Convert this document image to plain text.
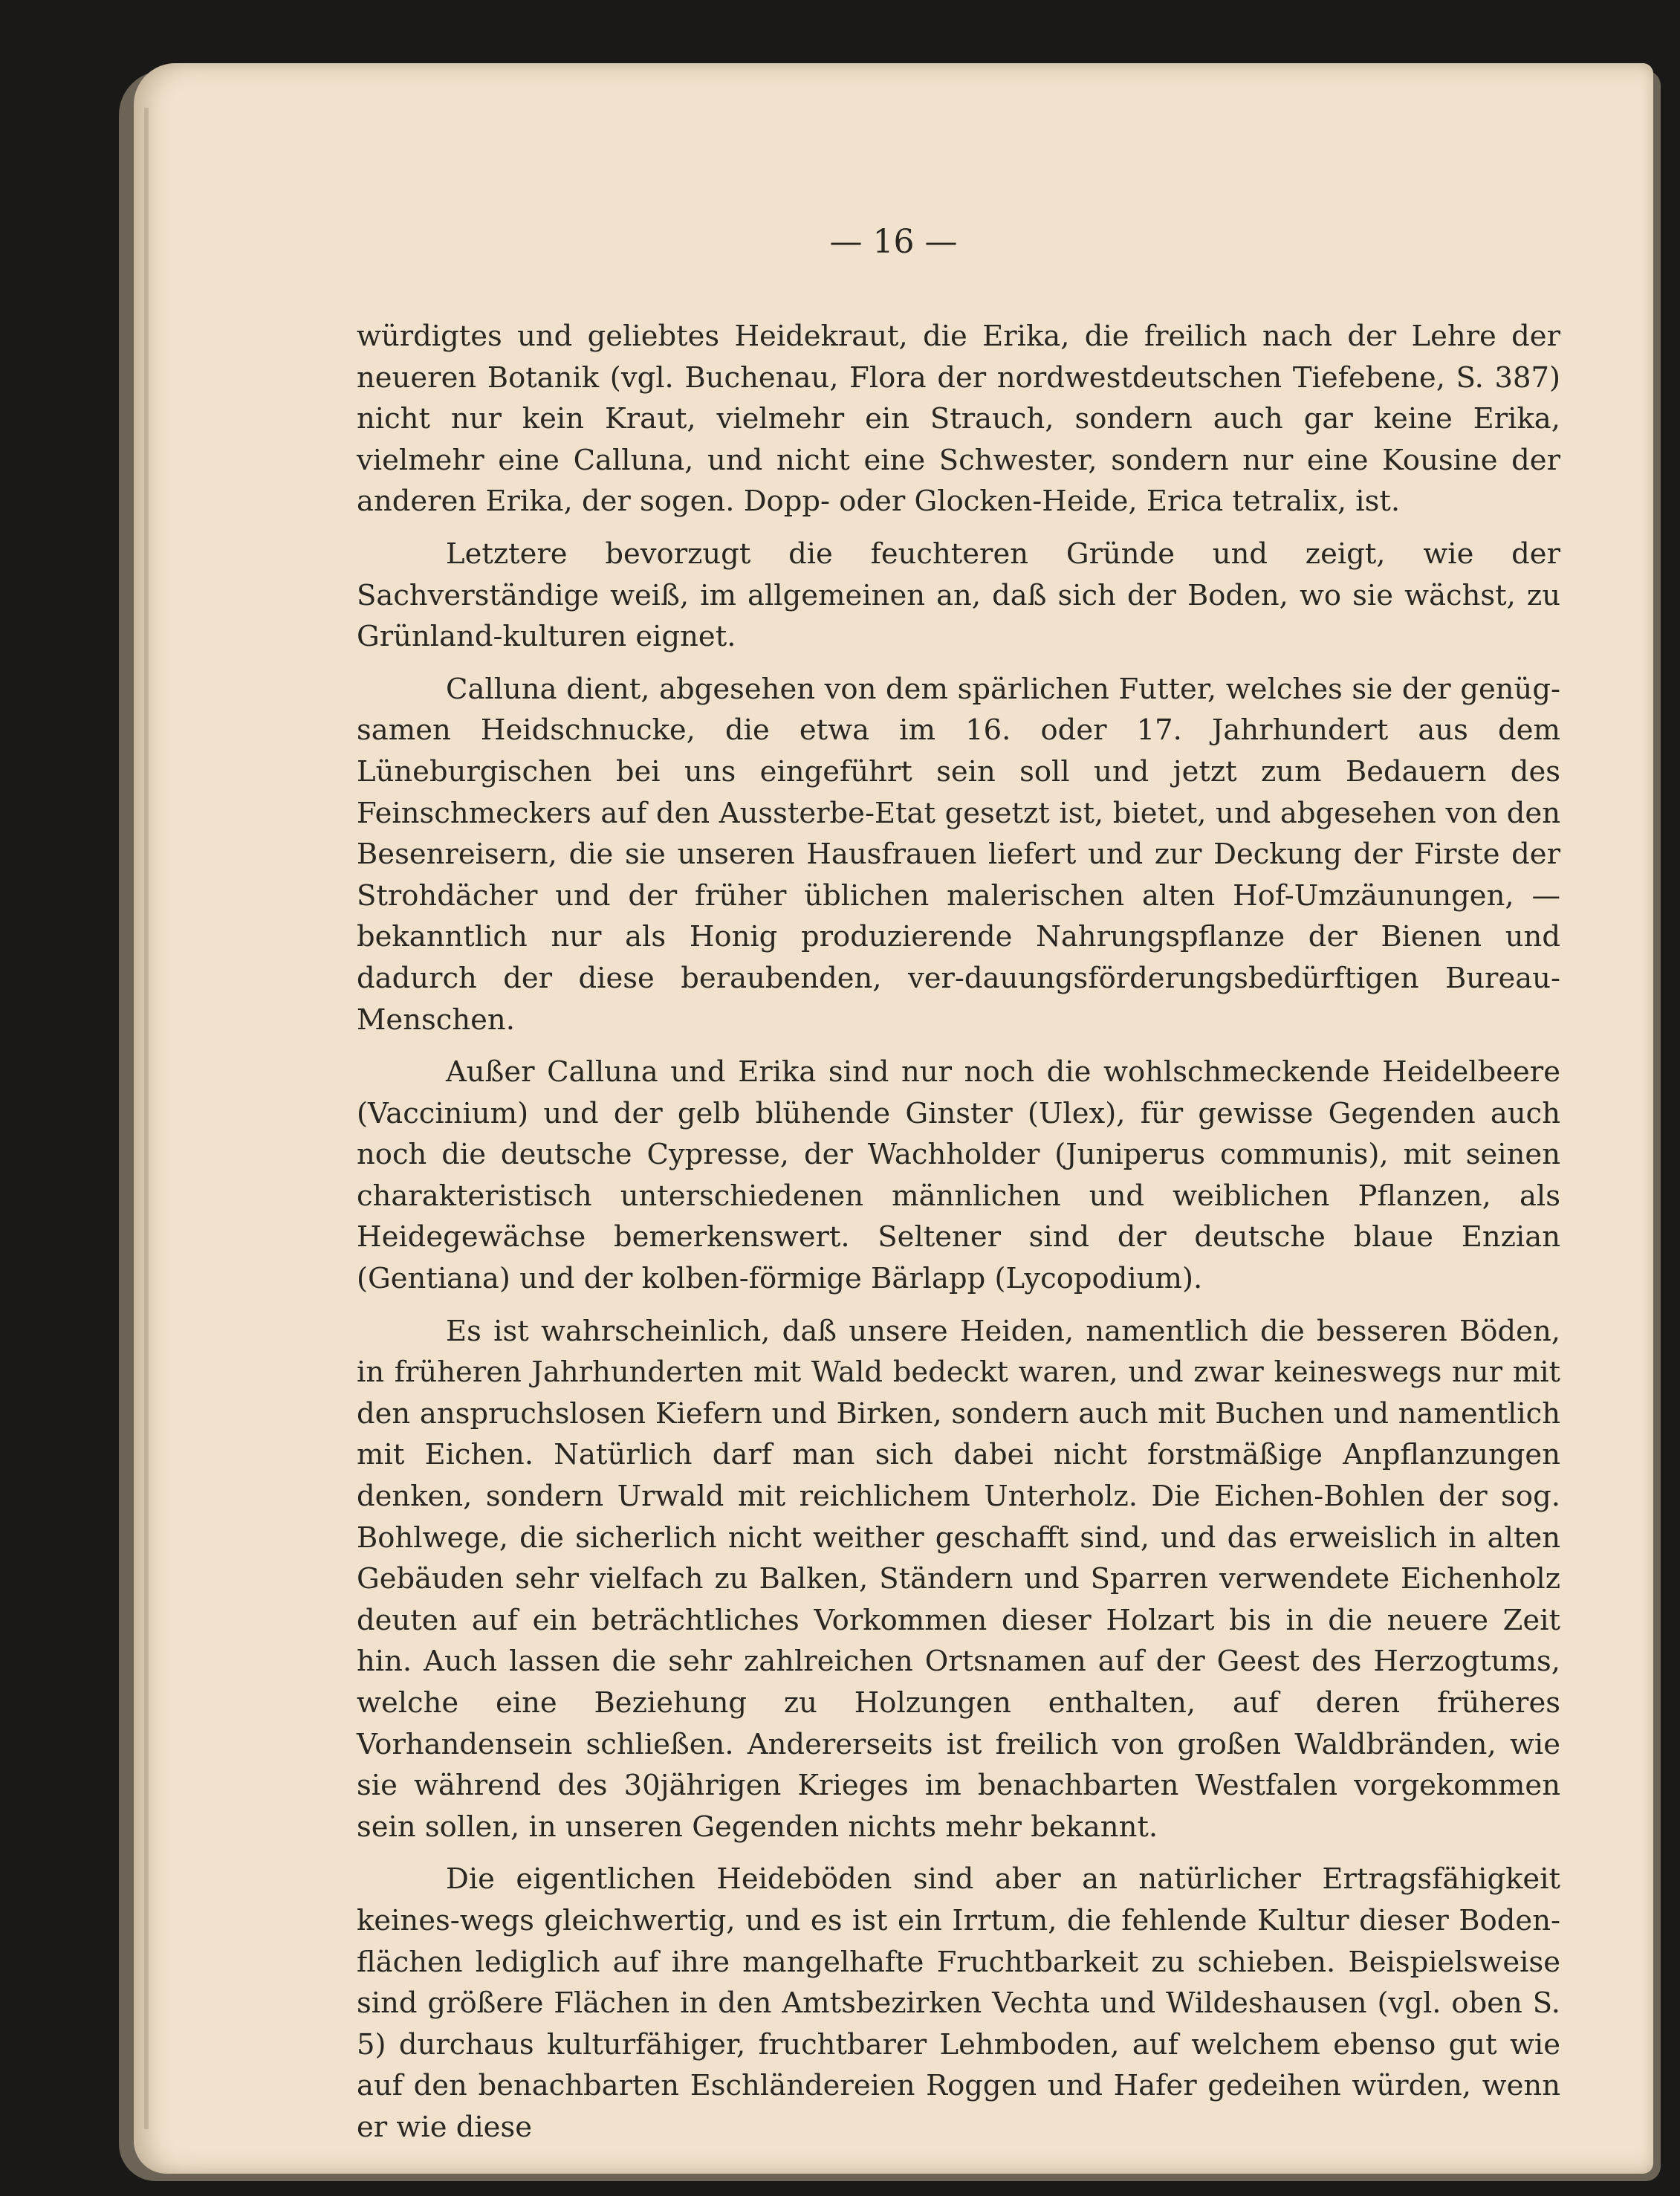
— 16 —

würdigtes und geliebtes Heidekraut, die Erika, die freilich nach der Lehre der neueren Botanik (vgl. Buchenau, Flora der nordwestdeutschen Tiefebene, S. 387) nicht nur kein Kraut, vielmehr ein Strauch, sondern auch gar keine Erika, vielmehr eine Calluna, und nicht eine Schwester, sondern nur eine Kousine der anderen Erika, der sogen. Dopp- oder Glocken-Heide, Erica tetralix, ist.

Letztere bevorzugt die feuchteren Gründe und zeigt, wie der Sachverständige weiß, im allgemeinen an, daß sich der Boden, wo sie wächst, zu Grünland-kulturen eignet.

Calluna dient, abgesehen von dem spärlichen Futter, welches sie der genüg-samen Heidschnucke, die etwa im 16. oder 17. Jahrhundert aus dem Lüneburgischen bei uns eingeführt sein soll und jetzt zum Bedauern des Feinschmeckers auf den Aussterbe-Etat gesetzt ist, bietet, und abgesehen von den Besenreisern, die sie unseren Hausfrauen liefert und zur Deckung der Firste der Strohdächer und der früher üblichen malerischen alten Hof-Umzäunungen, — bekanntlich nur als Honig produzierende Nahrungspflanze der Bienen und dadurch der diese beraubenden, ver-dauungsförderungsbedürftigen Bureau-Menschen.

Außer Calluna und Erika sind nur noch die wohlschmeckende Heidelbeere (Vaccinium) und der gelb blühende Ginster (Ulex), für gewisse Gegenden auch noch die deutsche Cypresse, der Wachholder (Juniperus communis), mit seinen charakteristisch unterschiedenen männlichen und weiblichen Pflanzen, als Heidegewächse bemerkenswert. Seltener sind der deutsche blaue Enzian (Gentiana) und der kolben-förmige Bärlapp (Lycopodium).

Es ist wahrscheinlich, daß unsere Heiden, namentlich die besseren Böden, in früheren Jahrhunderten mit Wald bedeckt waren, und zwar keineswegs nur mit den anspruchslosen Kiefern und Birken, sondern auch mit Buchen und namentlich mit Eichen. Natürlich darf man sich dabei nicht forstmäßige Anpflanzungen denken, sondern Urwald mit reichlichem Unterholz. Die Eichen-Bohlen der sog. Bohlwege, die sicherlich nicht weither geschafft sind, und das erweislich in alten Gebäuden sehr vielfach zu Balken, Ständern und Sparren verwendete Eichenholz deuten auf ein beträchtliches Vorkommen dieser Holzart bis in die neuere Zeit hin. Auch lassen die sehr zahlreichen Ortsnamen auf der Geest des Herzogtums, welche eine Beziehung zu Holzungen enthalten, auf deren früheres Vorhandensein schließen. Andererseits ist freilich von großen Waldbränden, wie sie während des 30jährigen Krieges im benachbarten Westfalen vorgekommen sein sollen, in unseren Gegenden nichts mehr bekannt.

Die eigentlichen Heideböden sind aber an natürlicher Ertragsfähigkeit keines-wegs gleichwertig, und es ist ein Irrtum, die fehlende Kultur dieser Boden-flächen lediglich auf ihre mangelhafte Fruchtbarkeit zu schieben. Beispielsweise sind größere Flächen in den Amtsbezirken Vechta und Wildeshausen (vgl. oben S. 5) durchaus kulturfähiger, fruchtbarer Lehmboden, auf welchem ebenso gut wie auf den benachbarten Eschländereien Roggen und Hafer gedeihen würden, wenn er wie diese
